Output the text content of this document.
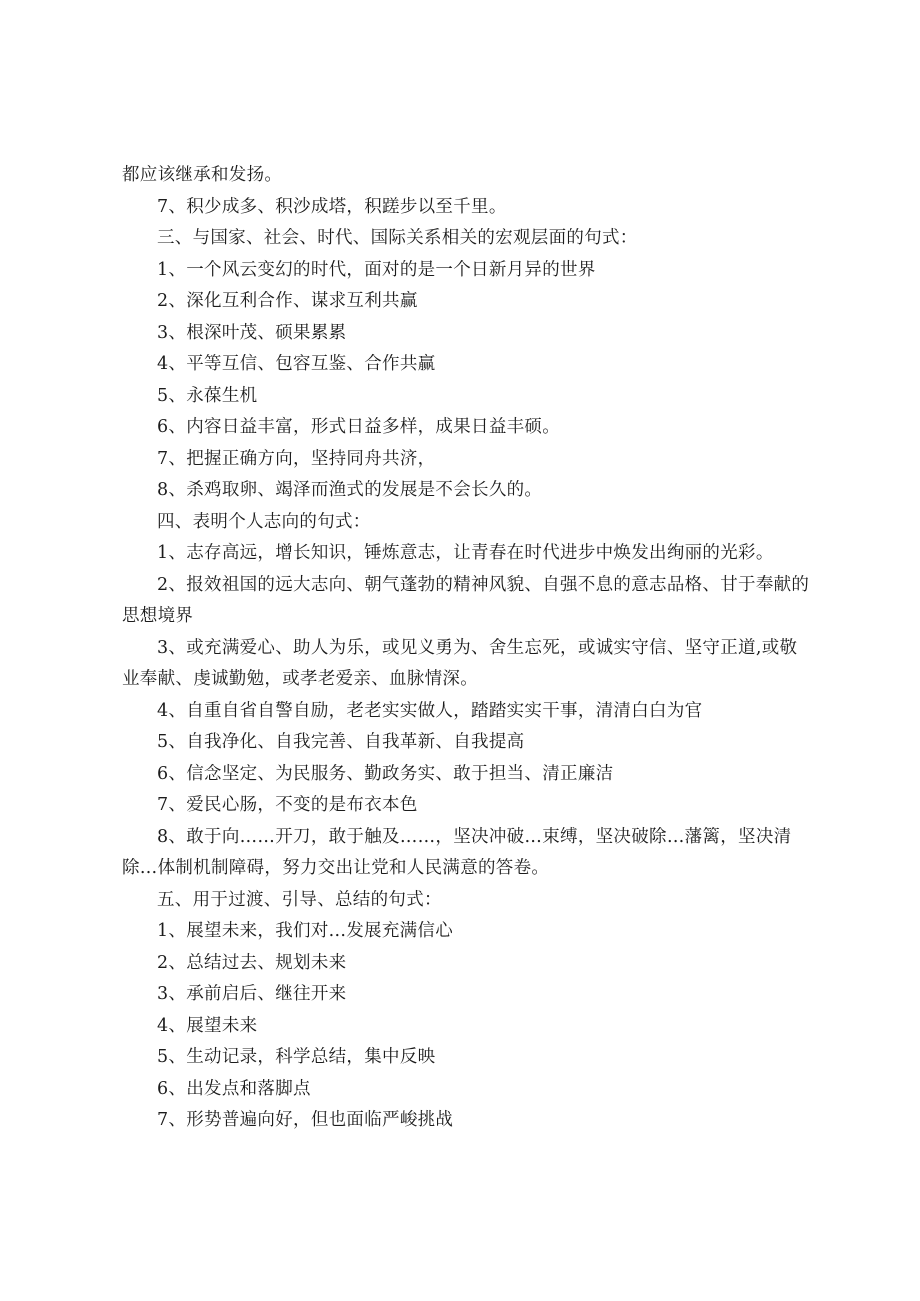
都应该继承和发扬。

7、积少成多、积沙成塔，积蹉步以至千里。

三、与国家、社会、时代、国际关系相关的宏观层面的句式：

1、一个风云变幻的时代，面对的是一个日新月异的世界

2、深化互利合作、谋求互利共赢

3、根深叶茂、硕果累累

4、平等互信、包容互鉴、合作共赢

5、永葆生机

6、内容日益丰富，形式日益多样，成果日益丰硕。

7、把握正确方向，坚持同舟共济，

8、杀鸡取卵、竭泽而渔式的发展是不会长久的。

四、表明个人志向的句式：

1、志存高远，增长知识，锤炼意志，让青春在时代进步中焕发出绚丽的光彩。

2、报效祖国的远大志向、朝气蓬勃的精神风貌、自强不息的意志品格、甘于奉献的思想境界

3、或充满爱心、助人为乐，或见义勇为、舍生忘死，或诚实守信、坚守正道,或敬业奉献、虔诚勤勉，或孝老爱亲、血脉情深。

4、自重自省自警自励，老老实实做人，踏踏实实干事，清清白白为官

5、自我净化、自我完善、自我革新、自我提高

6、信念坚定、为民服务、勤政务实、敢于担当、清正廉洁

7、爱民心肠，不变的是布衣本色

8、敢于向……开刀，敢于触及……，坚决冲破…束缚，坚决破除…藩篱，坚决清除…体制机制障碍，努力交出让党和人民满意的答卷。

五、用于过渡、引导、总结的句式：

1、展望未来，我们对...发展充满信心

2、总结过去、规划未来

3、承前启后、继往开来

4、展望未来

5、生动记录，科学总结，集中反映

6、出发点和落脚点

7、形势普遍向好，但也面临严峻挑战
